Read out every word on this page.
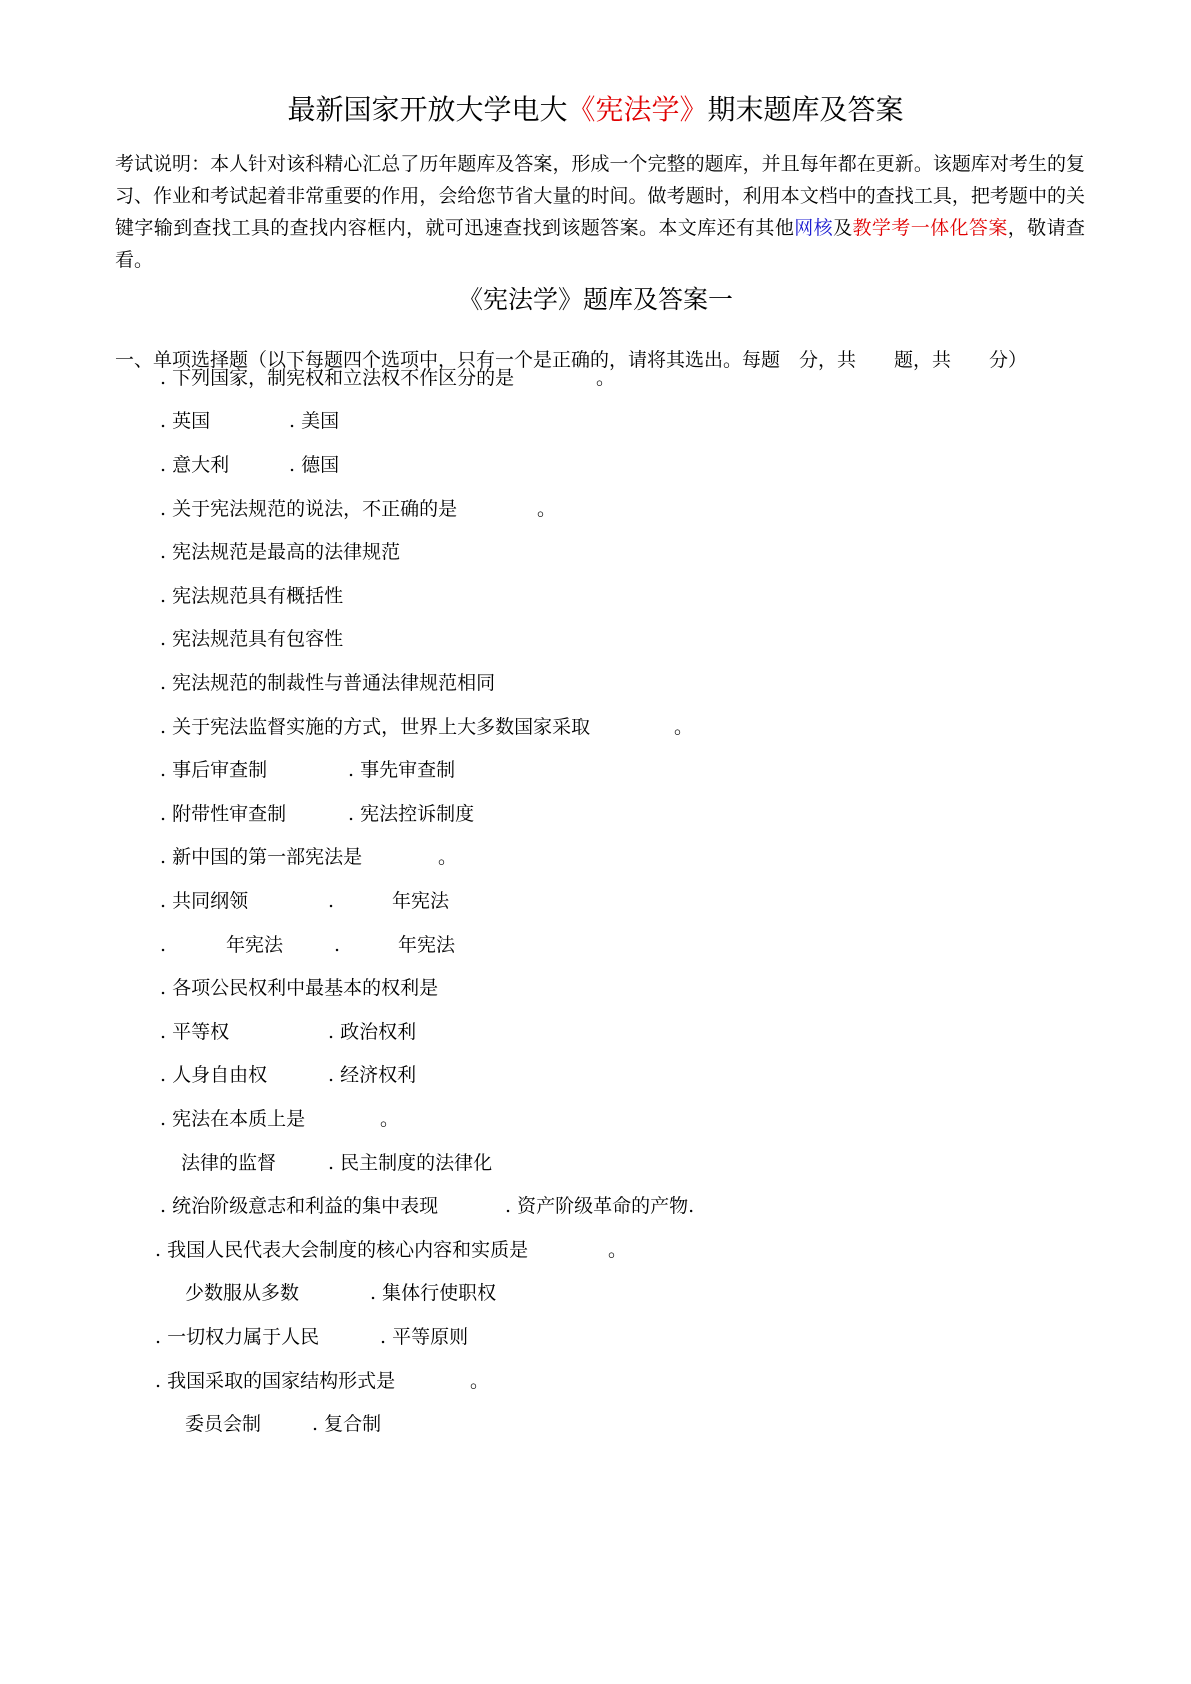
最新国家开放大学电大《宪法学》期末题库及答案
考试说明：本人针对该科精心汇总了历年题库及答案，形成一个完整的题库，并且每年都在更新。该题库对考生的复习、作业和考试起着非常重要的作用，会给您节省大量的时间。做考题时，利用本文档中的查找工具，把考题中的关键字输到查找工具的查找内容框内，就可迅速查找到该题答案。本文库还有其他网核及教学考一体化答案，敬请查看。
《宪法学》题库及答案一
一、单项选择题（以下每题四个选项中，只有一个是正确的，请将其选出。每题　分，共　　题，共　　分）
. 下列国家，制宪权和立法权不作区分的是	。
. 英国	. 美国
. 意大利	. 德国
. 关于宪法规范的说法，不正确的是	。
. 宪法规范是最高的法律规范
. 宪法规范具有概括性
. 宪法规范具有包容性
. 宪法规范的制裁性与普通法律规范相同
. 关于宪法监督实施的方式，世界上大多数国家采取	。
. 事后审查制	. 事先审查制
. 附带性审查制	. 宪法控诉制度
. 新中国的第一部宪法是	。
. 共同纲领	.	年宪法
.	年宪法	.	年宪法
. 各项公民权利中最基本的权利是
. 平等权	. 政治权利
. 人身自由权	. 经济权利
. 宪法在本质上是	。
法律的监督	. 民主制度的法律化
. 统治阶级意志和利益的集中表现	. 资产阶级革命的产物.
. 我国人民代表大会制度的核心内容和实质是	。
少数服从多数	. 集体行使职权
. 一切权力属于人民	. 平等原则
. 我国采取的国家结构形式是	。
委员会制	. 复合制
